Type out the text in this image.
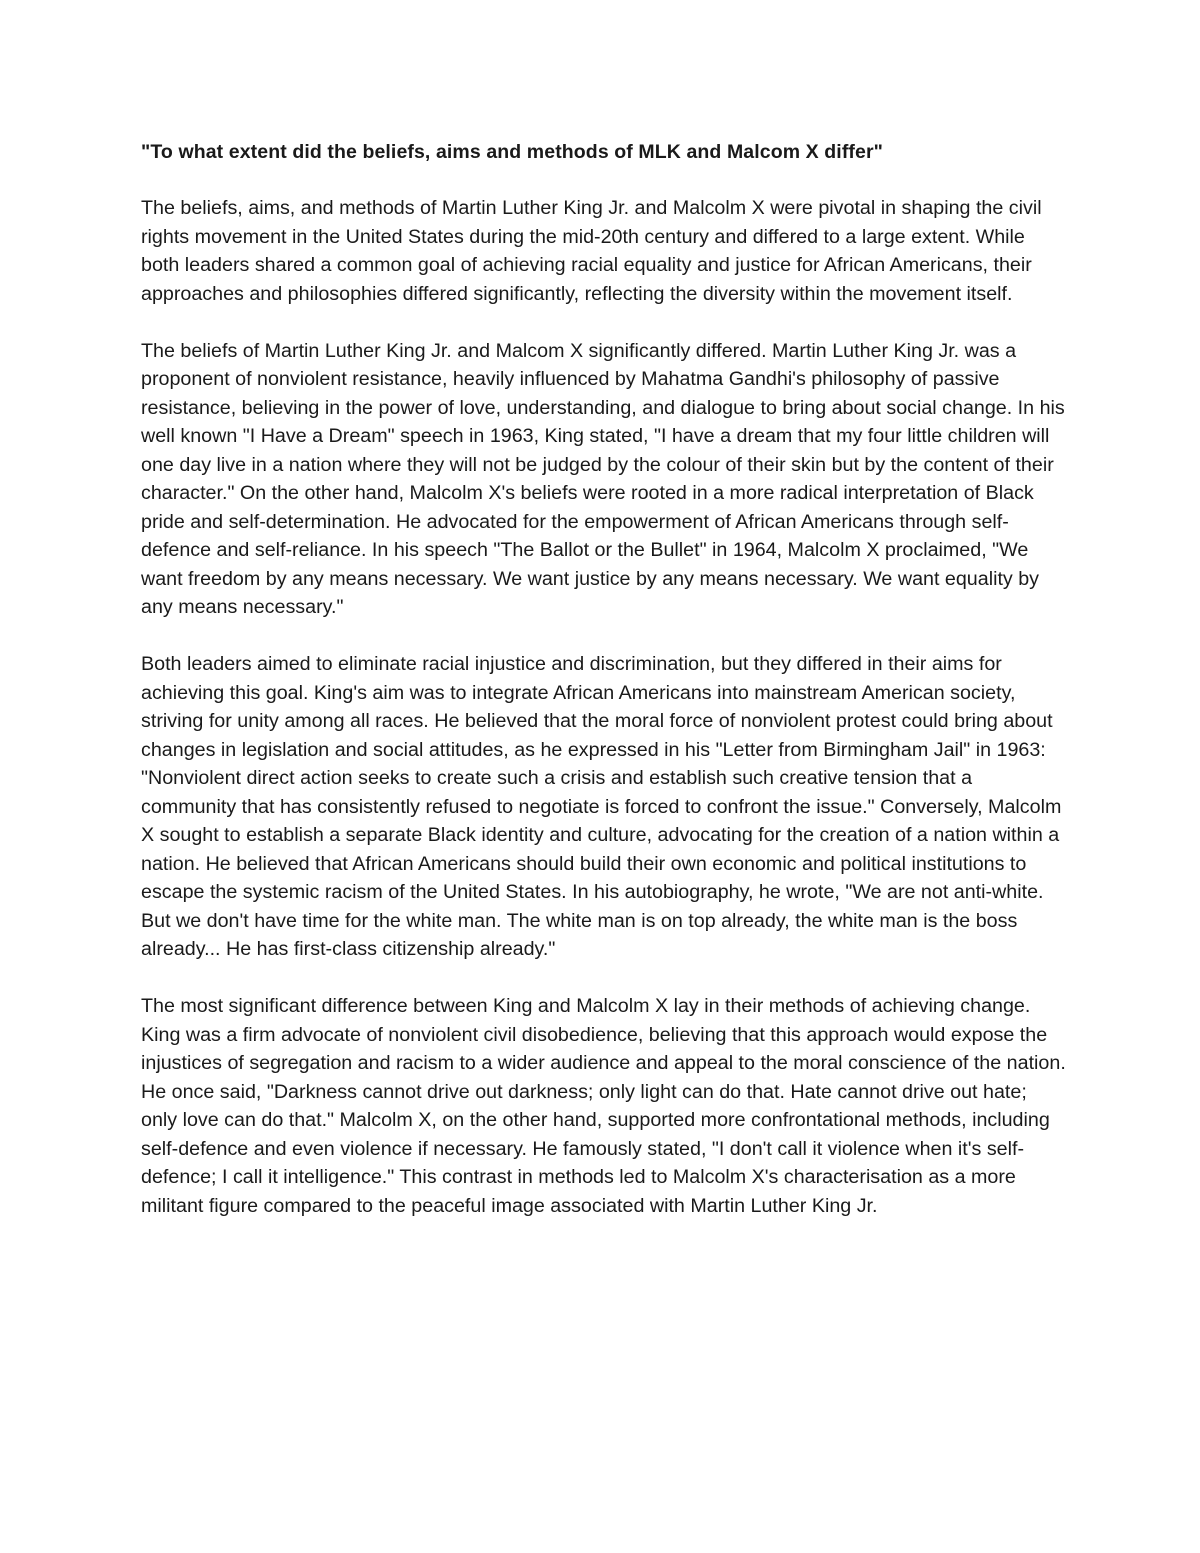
"To what extent did the beliefs, aims and methods of MLK and Malcom X differ"

The beliefs, aims, and methods of Martin Luther King Jr. and Malcolm X were pivotal in shaping the civil rights movement in the United States during the mid-20th century and differed to a large extent. While both leaders shared a common goal of achieving racial equality and justice for African Americans, their approaches and philosophies differed significantly, reflecting the diversity within the movement itself.

The beliefs of Martin Luther King Jr. and Malcom X significantly differed. Martin Luther King Jr. was a proponent of nonviolent resistance, heavily influenced by Mahatma Gandhi's philosophy of passive resistance, believing in the power of love, understanding, and dialogue to bring about social change. In his well known "I Have a Dream" speech in 1963, King stated, "I have a dream that my four little children will one day live in a nation where they will not be judged by the colour of their skin but by the content of their character." On the other hand, Malcolm X's beliefs were rooted in a more radical interpretation of Black pride and self-determination. He advocated for the empowerment of African Americans through self-defence and self-reliance. In his speech "The Ballot or the Bullet" in 1964, Malcolm X proclaimed, "We want freedom by any means necessary. We want justice by any means necessary. We want equality by any means necessary."

Both leaders aimed to eliminate racial injustice and discrimination, but they differed in their aims for achieving this goal. King's aim was to integrate African Americans into mainstream American society, striving for unity among all races. He believed that the moral force of nonviolent protest could bring about changes in legislation and social attitudes, as he expressed in his "Letter from Birmingham Jail" in 1963: "Nonviolent direct action seeks to create such a crisis and establish such creative tension that a community that has consistently refused to negotiate is forced to confront the issue." Conversely, Malcolm X sought to establish a separate Black identity and culture, advocating for the creation of a nation within a nation. He believed that African Americans should build their own economic and political institutions to escape the systemic racism of the United States. In his autobiography, he wrote, "We are not anti-white. But we don't have time for the white man. The white man is on top already, the white man is the boss already... He has first-class citizenship already."

The most significant difference between King and Malcolm X lay in their methods of achieving change. King was a firm advocate of nonviolent civil disobedience, believing that this approach would expose the injustices of segregation and racism to a wider audience and appeal to the moral conscience of the nation. He once said, "Darkness cannot drive out darkness; only light can do that. Hate cannot drive out hate; only love can do that." Malcolm X, on the other hand, supported more confrontational methods, including self-defence and even violence if necessary. He famously stated, "I don't call it violence when it's self-defence; I call it intelligence." This contrast in methods led to Malcolm X's characterisation as a more militant figure compared to the peaceful image associated with Martin Luther King Jr.
